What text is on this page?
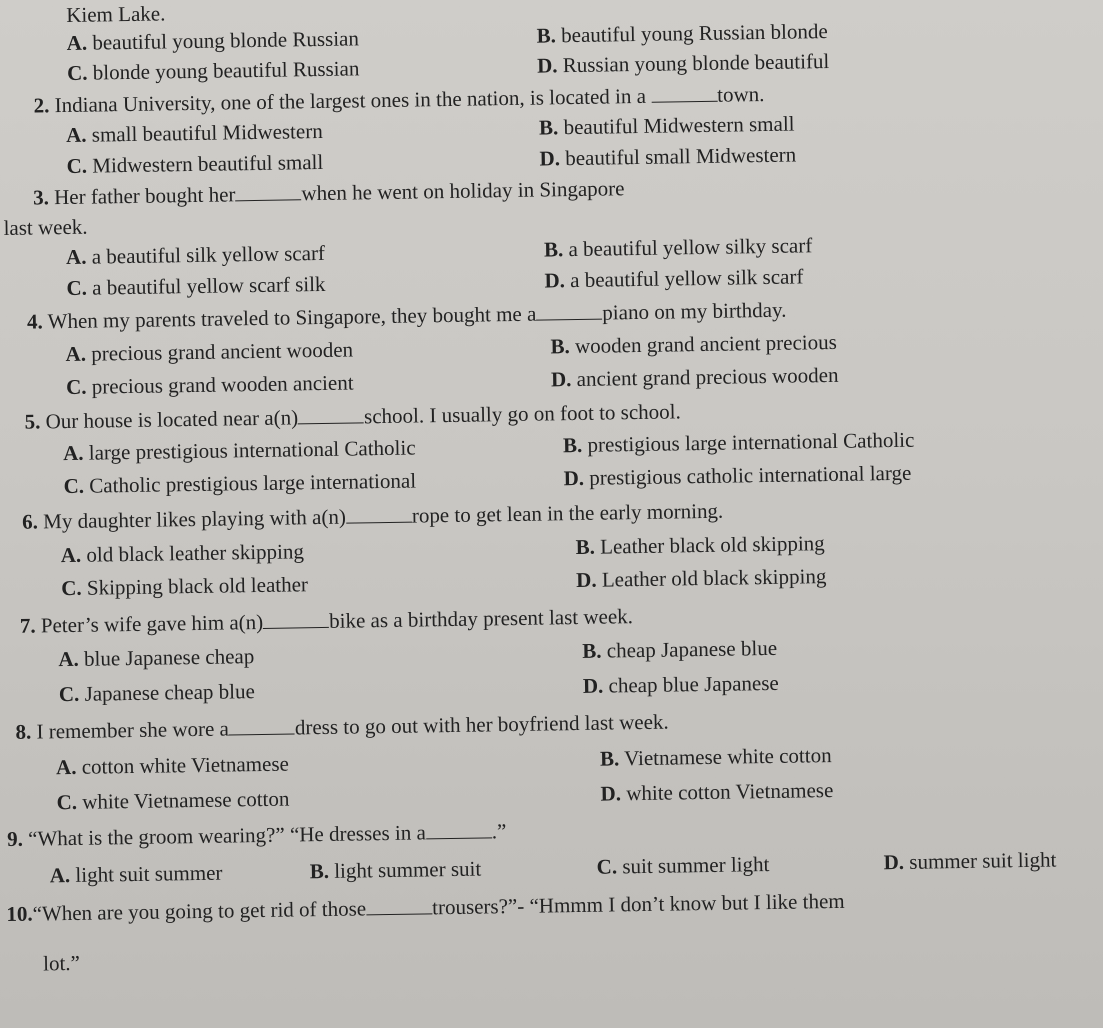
Kiem Lake.
A. beautiful young blonde Russian	B. beautiful young Russian blonde
C. blonde young beautiful Russian	D. Russian young blonde beautiful
2. Indiana University, one of the largest ones in the nation, is located in a	town.
A. small beautiful Midwestern	B. beautiful Midwestern small
C. Midwestern beautiful small	D. beautiful small Midwestern
3. Her father bought her	when he went on holiday in Singapore
last week.
A. a beautiful silk yellow scarf	B. a beautiful yellow silky scarf
C. a beautiful yellow scarf silk	D. a beautiful yellow silk scarf
4. When my parents traveled to Singapore, they bought me a	piano on my birthday.
A. precious grand ancient wooden	B. wooden grand ancient precious
C. precious grand wooden ancient	D. ancient grand precious wooden
5. Our house is located near a(n)	school. I usually go on foot to school.
A. large prestigious international Catholic	B. prestigious large international Catholic
C. Catholic prestigious large international	D. prestigious catholic international large
6. My daughter likes playing with a(n)	rope to get lean in the early morning.
A. old black leather skipping	B. Leather black old skipping
C. Skipping black old leather	D. Leather old black skipping
7. Peter’s wife gave him a(n)	bike as a birthday present last week.
A. blue Japanese cheap	B. cheap Japanese blue
C. Japanese cheap blue	D. cheap blue Japanese
8. I remember she wore a	dress to go out with her boyfriend last week.
A. cotton white Vietnamese	B. Vietnamese white cotton
C. white Vietnamese cotton	D. white cotton Vietnamese
9. “What is the groom wearing?” “He dresses in a	.”
A. light suit summer	B. light summer suit	C. suit summer light	D. summer suit light
10.“When are you going to get rid of those	trousers?”- “Hmmm I don’t know but I like them
lot.”
